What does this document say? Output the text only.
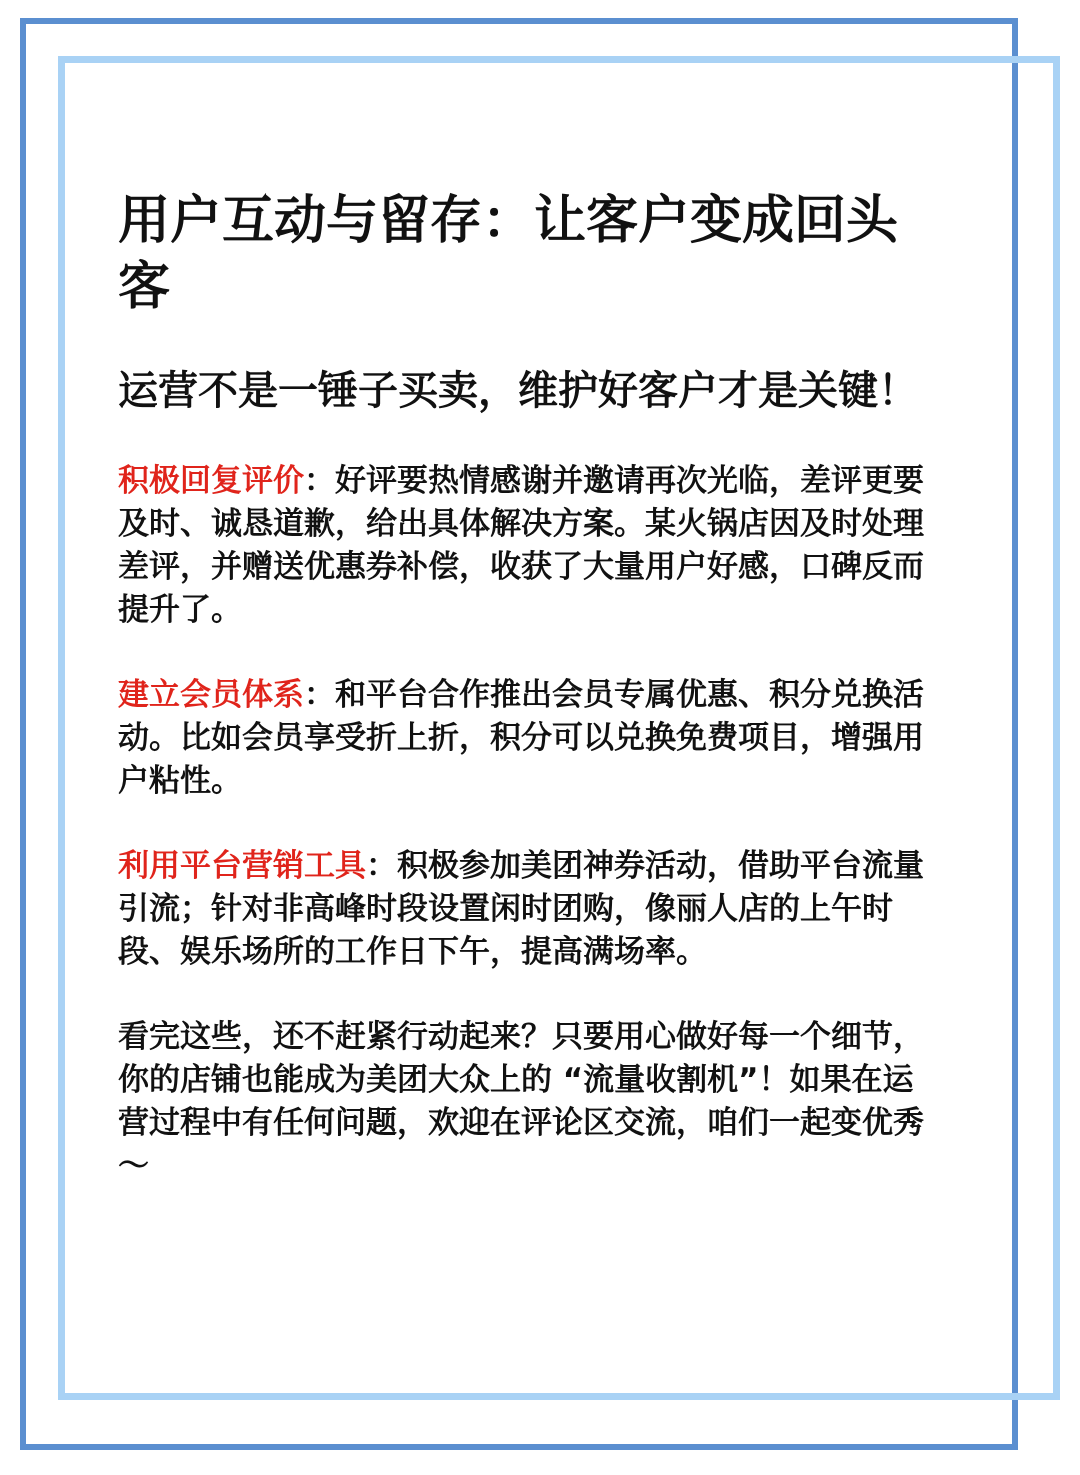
用户互动与留存：让客户变成回头客
运营不是一锤子买卖，维护好客户才是关键！

积极回复评价：好评要热情感谢并邀请再次光临，差评更要及时、诚恳道歉，给出具体解决方案。某火锅店因及时处理差评，并赠送优惠券补偿，收获了大量用户好感，口碑反而提升了。

建立会员体系：和平台合作推出会员专属优惠、积分兑换活动。比如会员享受折上折，积分可以兑换免费项目，增强用户粘性。

利用平台营销工具：积极参加美团神券活动，借助平台流量引流；针对非高峰时段设置闲时团购，像丽人店的上午时段、娱乐场所的工作日下午，提高满场率。

看完这些，还不赶紧行动起来？只要用心做好每一个细节，你的店铺也能成为美团大众上的 “流量收割机”！如果在运营过程中有任何问题，欢迎在评论区交流，咱们一起变优秀～
